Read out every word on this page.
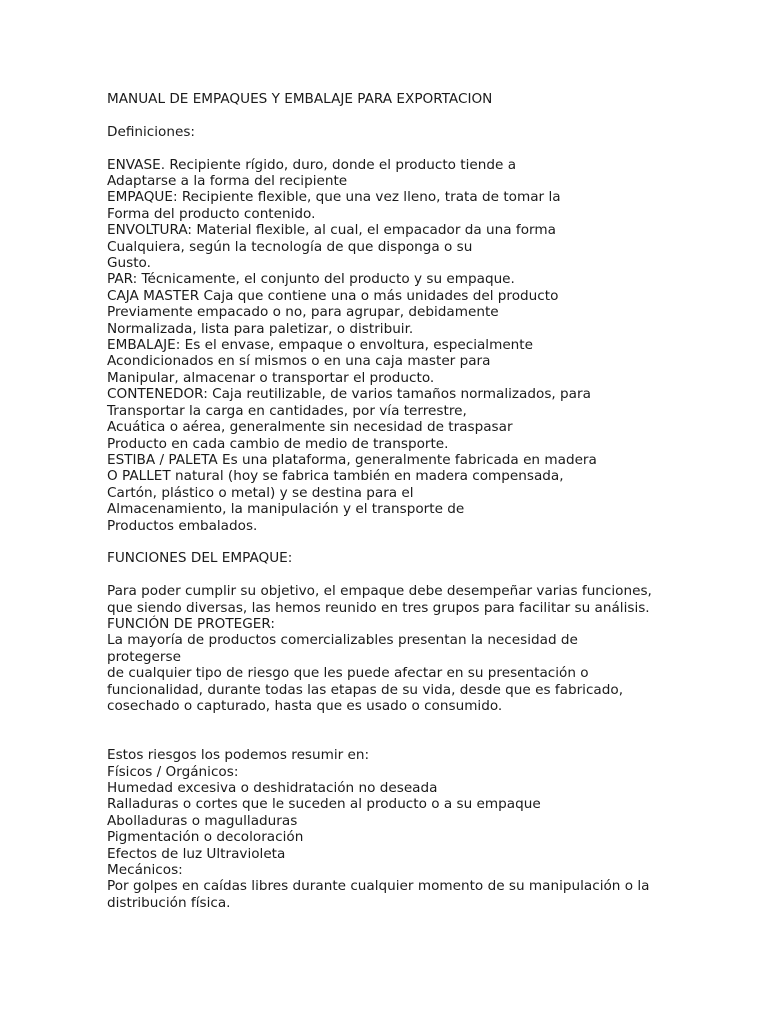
MANUAL DE EMPAQUES Y EMBALAJE PARA EXPORTACION
Definiciones:
ENVASE. Recipiente rígido, duro, donde el producto tiende a
Adaptarse a la forma del recipiente
EMPAQUE: Recipiente flexible, que una vez lleno, trata de tomar la
Forma del producto contenido.
ENVOLTURA: Material flexible, al cual, el empacador da una forma
Cualquiera, según la tecnología de que disponga o su
Gusto.
PAR: Técnicamente, el conjunto del producto y su empaque.
CAJA MASTER Caja que contiene una o más unidades del producto
Previamente empacado o no, para agrupar, debidamente
Normalizada, lista para paletizar, o distribuir.
EMBALAJE: Es el envase, empaque o envoltura, especialmente
Acondicionados en sí mismos o en una caja master para
Manipular, almacenar o transportar el producto.
CONTENEDOR: Caja reutilizable, de varios tamaños normalizados, para
Transportar la carga en cantidades, por vía terrestre,
Acuática o aérea, generalmente sin necesidad de traspasar
Producto en cada cambio de medio de transporte.
ESTIBA / PALETA Es una plataforma, generalmente fabricada en madera
O PALLET natural (hoy se fabrica también en madera compensada,
Cartón, plástico o metal) y se destina para el
Almacenamiento, la manipulación y el transporte de
Productos embalados.
FUNCIONES DEL EMPAQUE:
Para poder cumplir su objetivo, el empaque debe desempeñar varias funciones,
que siendo diversas, las hemos reunido en tres grupos para facilitar su análisis.
FUNCIÓN DE PROTEGER:
La mayoría de productos comercializables presentan la necesidad de
protegerse
de cualquier tipo de riesgo que les puede afectar en su presentación o
funcionalidad, durante todas las etapas de su vida, desde que es fabricado,
cosechado o capturado, hasta que es usado o consumido.
Estos riesgos los podemos resumir en:
Físicos / Orgánicos:
Humedad excesiva o deshidratación no deseada
Ralladuras o cortes que le suceden al producto o a su empaque
Abolladuras o magulladuras
Pigmentación o decoloración
Efectos de luz Ultravioleta
Mecánicos:
Por golpes en caídas libres durante cualquier momento de su manipulación o la
distribución física.
